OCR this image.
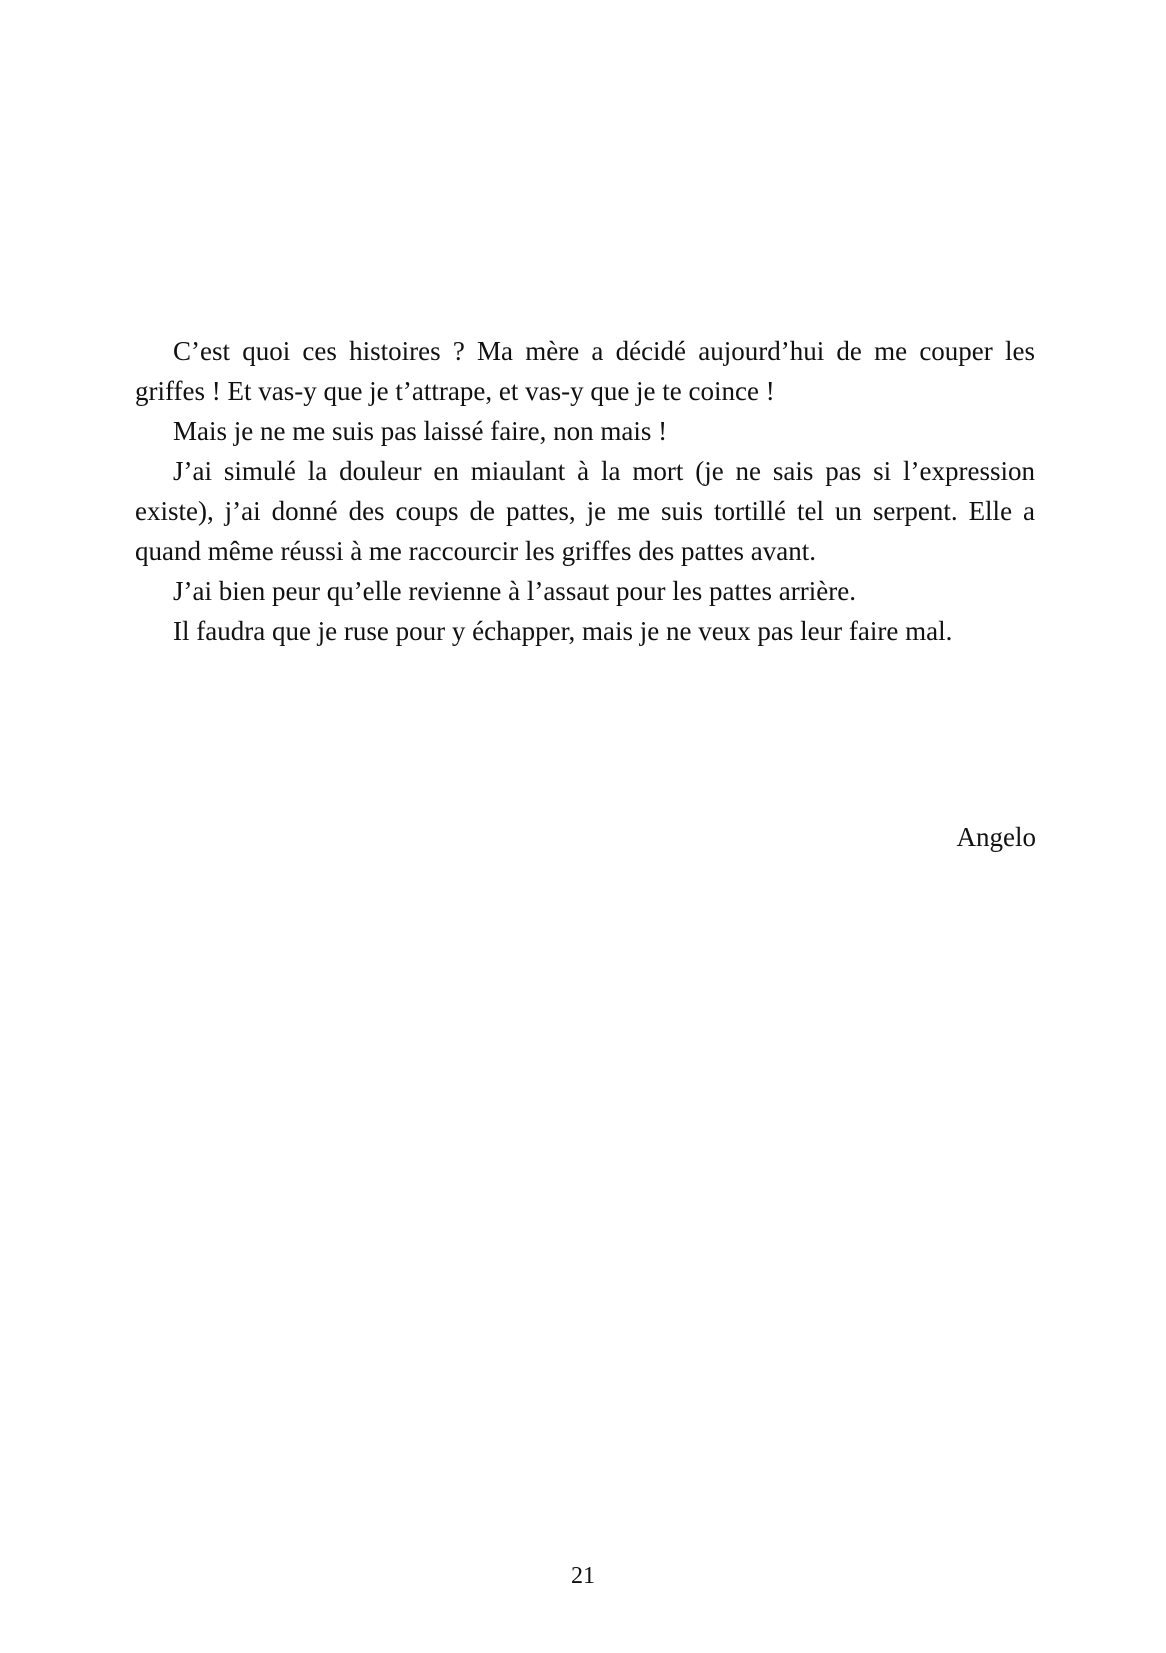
C’est quoi ces histoires ? Ma mère a décidé aujourd’hui de me couper les griffes ! Et vas-y que je t’attrape, et vas-y que je te coince !

Mais je ne me suis pas laissé faire, non mais !

J’ai simulé la douleur en miaulant à la mort (je ne sais pas si l’expression existe), j’ai donné des coups de pattes, je me suis tortillé tel un serpent. Elle a quand même réussi à me raccourcir les griffes des pattes avant.

J’ai bien peur qu’elle revienne à l’assaut pour les pattes arrière.

Il faudra que je ruse pour y échapper, mais je ne veux pas leur faire mal.

Angelo

21
